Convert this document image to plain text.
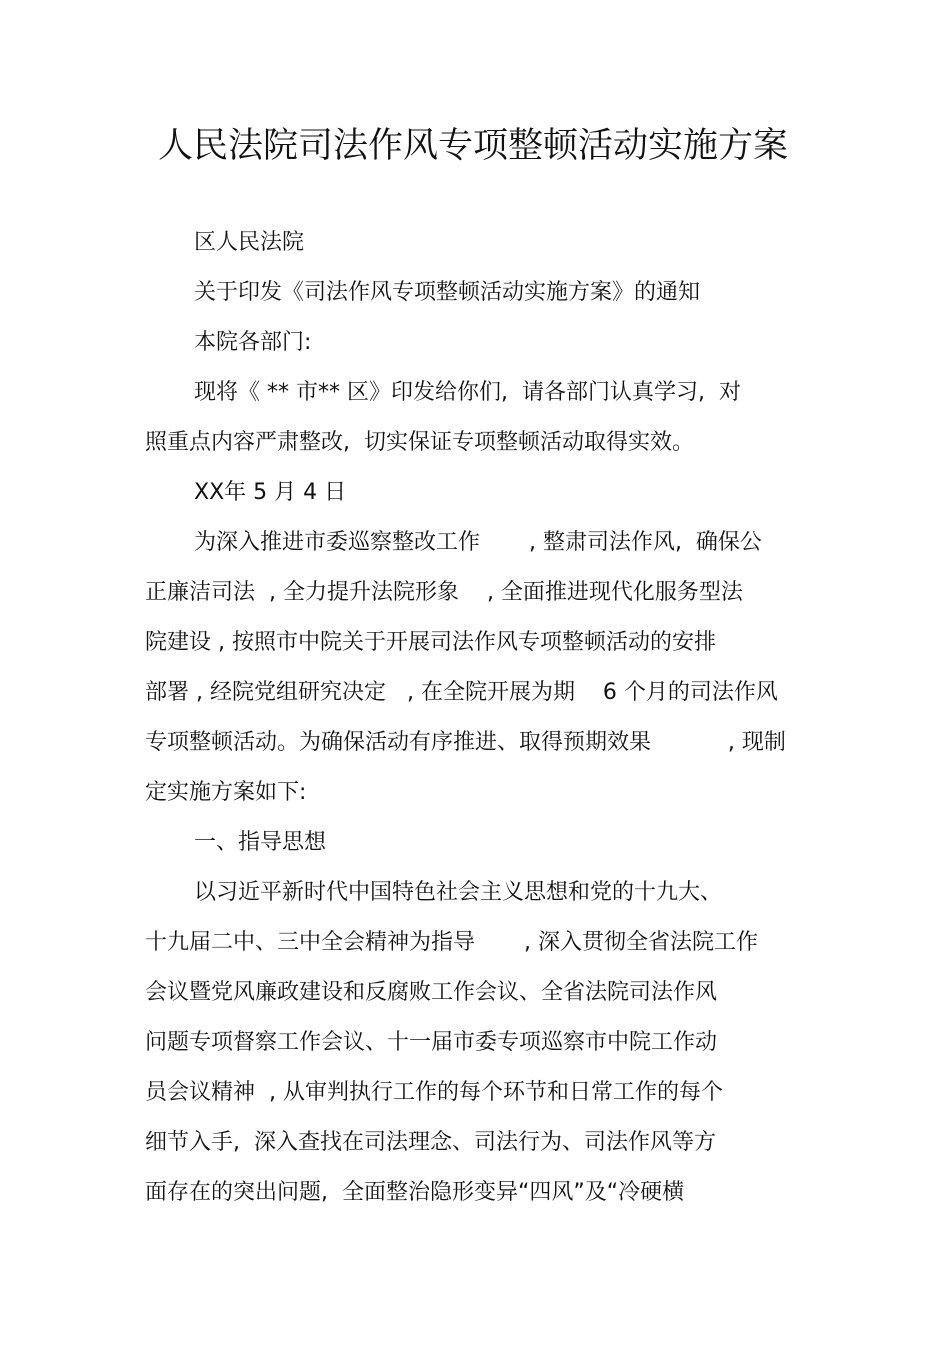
人民法院司法作风专项整顿活动实施方案
区人民法院
关于印发《司法作风专项整顿活动实施方案》的通知
本院各部门:
现将《 ** 市** 区》印发给你们,  请各部门认真学习,  对
照重点内容严肃整改,  切实保证专项整顿活动取得实效。
XX年 5 月 4 日
为深入推进市委巡察整改工作       , 整肃司法作风,  确保公
正廉洁司法  , 全力提升法院形象    , 全面推进现代化服务型法
院建设 , 按照市中院关于开展司法作风专项整顿活动的安排
部署 , 经院党组研究决定   , 在全院开展为期    6 个月的司法作风
专项整顿活动。为确保活动有序推进、取得预期效果           , 现制
定实施方案如下:
一、指导思想
以习近平新时代中国特色社会主义思想和党的十九大、
十九届二中、三中全会精神为指导       , 深入贯彻全省法院工作
会议暨党风廉政建设和反腐败工作会议、全省法院司法作风
问题专项督察工作会议、十一届市委专项巡察市中院工作动
员会议精神  , 从审判执行工作的每个环节和日常工作的每个
细节入手,  深入查找在司法理念、司法行为、司法作风等方
面存在的突出问题,  全面整治隐形变异“四风”及“冷硬横
